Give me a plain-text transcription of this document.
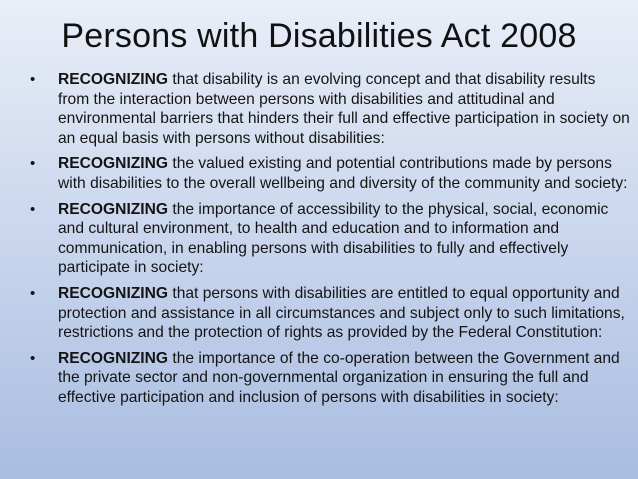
Persons with Disabilities Act 2008
•	RECOGNIZING that disability is an evolving concept and that disability results from the interaction between persons with disabilities and attitudinal and environmental barriers that hinders their full and effective participation in society on an equal basis with persons without disabilities:
•	RECOGNIZING the valued existing and potential contributions made by persons with disabilities to the overall wellbeing and diversity of the community and society:
•	RECOGNIZING the importance of accessibility to the physical, social, economic and cultural environment, to health and education and to information and communication, in enabling persons with disabilities to fully and effectively participate in society:
•	RECOGNIZING that persons with disabilities are entitled to equal opportunity and protection and assistance in all circumstances and subject only to such limitations, restrictions and the protection of rights as provided by the Federal Constitution:
•	RECOGNIZING the importance of the co-operation between the Government and the private sector and non-governmental organization in ensuring the full and effective participation and inclusion of persons with disabilities in society:
